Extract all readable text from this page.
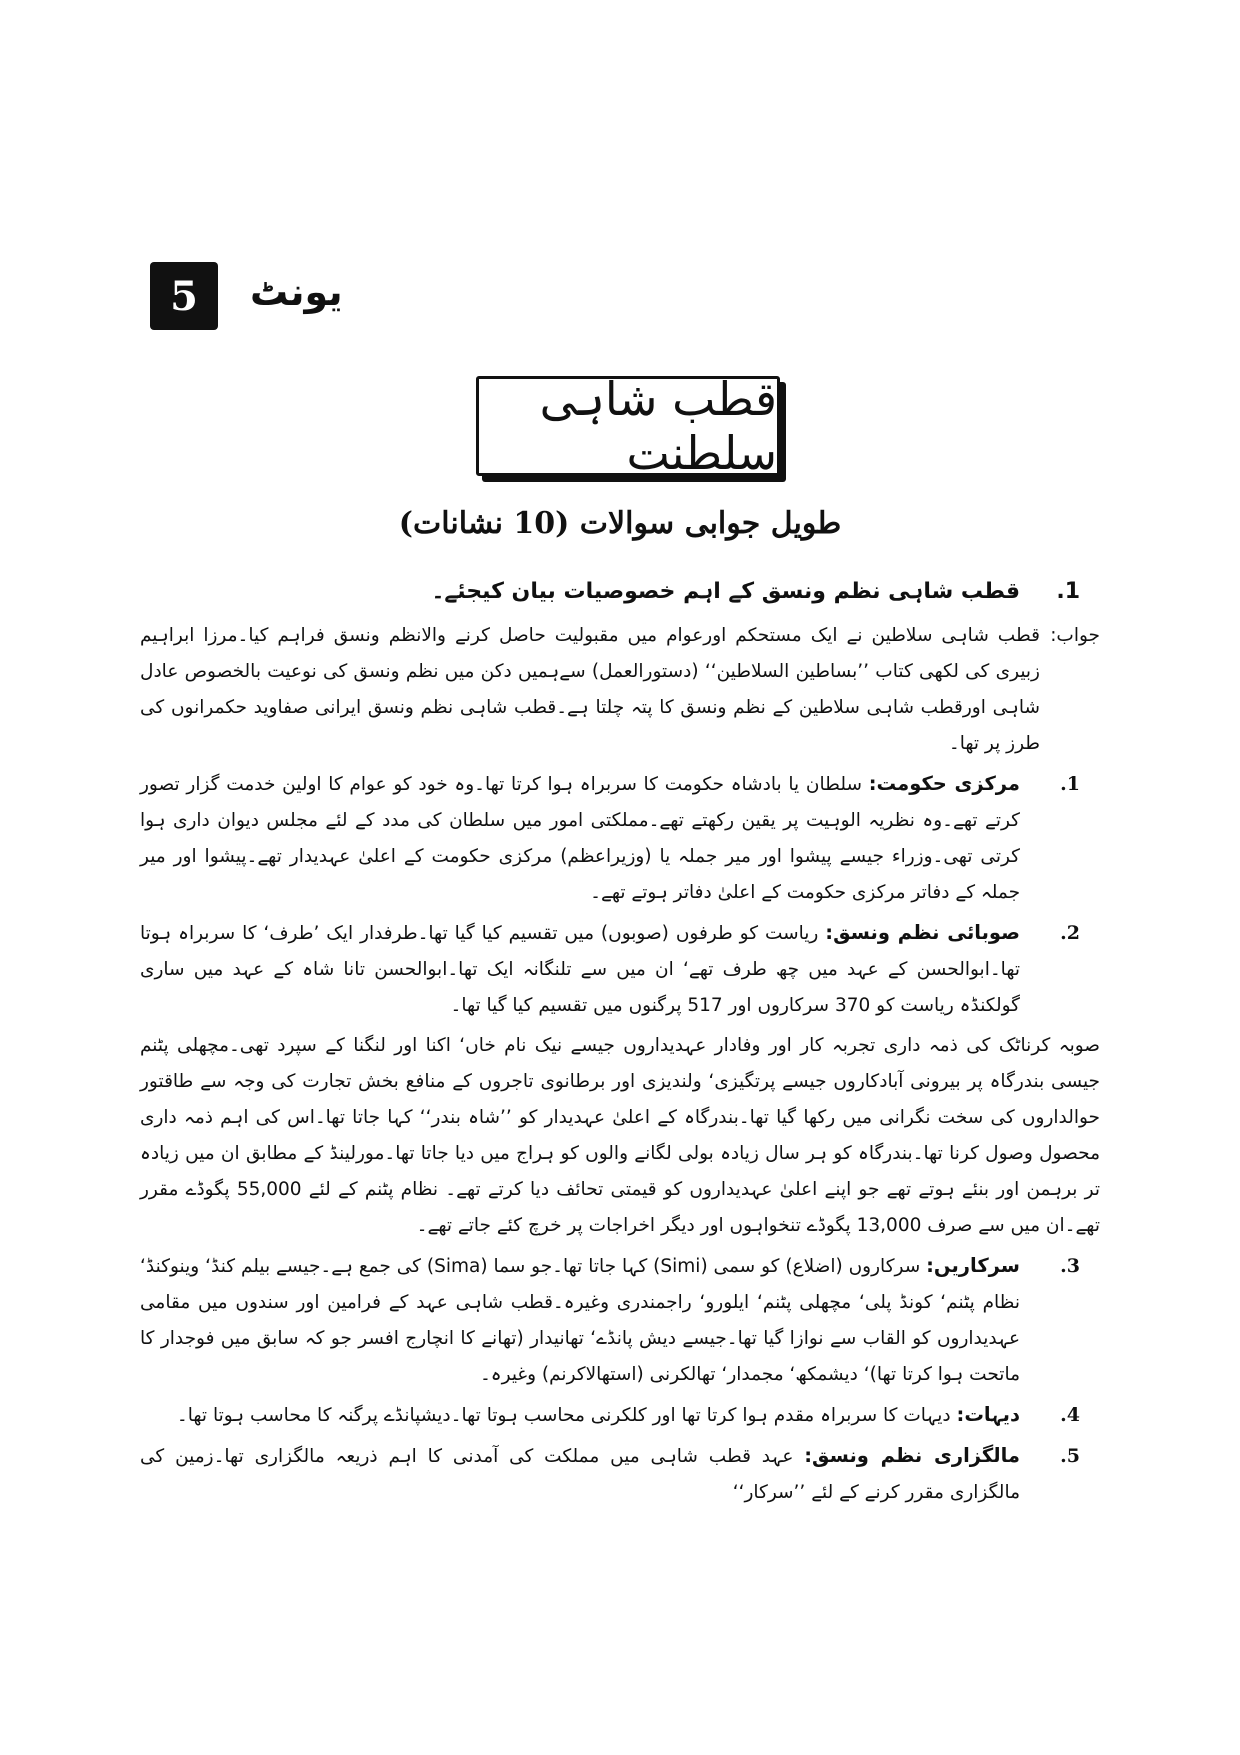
5	یونٹ
قطب شاہی سلطنت
طویل جوابی سوالات (10 نشانات)
1.
قطب شاہی نظم ونسق کے اہم خصوصیات بیان کیجئے۔
جواب:
قطب شاہی سلاطین نے ایک مستحکم اورعوام میں مقبولیت حاصل کرنے والانظم ونسق فراہم کیا۔مرزا ابراہیم زبیری کی لکھی کتاب ’’بساطین السلاطین‘‘ (دستورالعمل) سےہمیں دکن میں نظم ونسق کی نوعیت بالخصوص عادل شاہی اورقطب شاہی سلاطین کے نظم ونسق کا پتہ چلتا ہے۔قطب شاہی نظم ونسق ایرانی صفاوید حکمرانوں کی طرز پر تھا۔
1.
مرکزی حکومت: سلطان یا بادشاہ حکومت کا سربراہ ہوا کرتا تھا۔وہ خود کو عوام کا اولین خدمت گزار تصور کرتے تھے۔وہ نظریہ الوہیت پر یقین رکھتے تھے۔مملکتی امور میں سلطان کی مدد کے لئے مجلس دیوان داری ہوا کرتی تھی۔وزراء جیسے پیشوا اور میر جملہ یا (وزیراعظم) مرکزی حکومت کے اعلیٰ عہدیدار تھے۔پیشوا اور میر جملہ کے دفاتر مرکزی حکومت کے اعلیٰ دفاتر ہوتے تھے۔
2.
صوبائی نظم ونسق: ریاست کو طرفوں (صوبوں) میں تقسیم کیا گیا تھا۔طرفدار ایک ’طرف‘ کا سربراہ ہوتا تھا۔ابوالحسن کے عہد میں چھ طرف تھے‘ ان میں سے تلنگانہ ایک تھا۔ابوالحسن تانا شاہ کے عہد میں ساری گولکنڈہ ریاست کو 370 سرکاروں اور 517 پرگنوں میں تقسیم کیا گیا تھا۔
صوبہ کرناٹک کی ذمہ داری تجربہ کار اور وفادار عہدیداروں جیسے نیک نام خاں‘ اکنا اور لنگنا کے سپرد تھی۔مچھلی پٹنم جیسی بندرگاہ پر بیرونی آبادکاروں جیسے پرتگیزی‘ ولندیزی اور برطانوی تاجروں کے منافع بخش تجارت کی وجہ سے طاقتور حوالداروں کی سخت نگرانی میں رکھا گیا تھا۔بندرگاہ کے اعلیٰ عہدیدار کو ’’شاہ بندر‘‘ کہا جاتا تھا۔اس کی اہم ذمہ داری محصول وصول کرنا تھا۔بندرگاہ کو ہر سال زیادہ بولی لگانے والوں کو ہراج میں دیا جاتا تھا۔مورلینڈ کے مطابق ان میں زیادہ تر برہمن اور بنئے ہوتے تھے جو اپنے اعلیٰ عہدیداروں کو قیمتی تحائف دیا کرتے تھے۔ نظام پٹنم کے لئے 55,000 پگوڈے مقرر تھے۔ان میں سے صرف 13,000 پگوڈے تنخواہوں اور دیگر اخراجات پر خرچ کئے جاتے تھے۔
3.
سرکاریں: سرکاروں (اضلاع) کو سمی (Simi) کہا جاتا تھا۔جو سما (Sima) کی جمع ہے۔جیسے بیلم کنڈ‘ وینوکنڈ‘ نظام پٹنم‘ کونڈ پلی‘ مچھلی پٹنم‘ ایلورو‘ راجمندری وغیرہ۔قطب شاہی عہد کے فرامین اور سندوں میں مقامی عہدیداروں کو القاب سے نوازا گیا تھا۔جیسے دیش پانڈے‘ تھانیدار (تھانے کا انچارج افسر جو کہ سابق میں فوجدار کا ماتحت ہوا کرتا تھا)‘ دیشمکھ‘ مجمدار‘ تھالکرنی (استھالاکرنم) وغیرہ۔
4.
دیہات: دیہات کا سربراہ مقدم ہوا کرتا تھا اور کلکرنی محاسب ہوتا تھا۔دیشپانڈے پرگنہ کا محاسب ہوتا تھا۔
5.
مالگزاری نظم ونسق: عہد قطب شاہی میں مملکت کی آمدنی کا اہم ذریعہ مالگزاری تھا۔زمین کی مالگزاری مقرر کرنے کے لئے ’’سرکار‘‘
